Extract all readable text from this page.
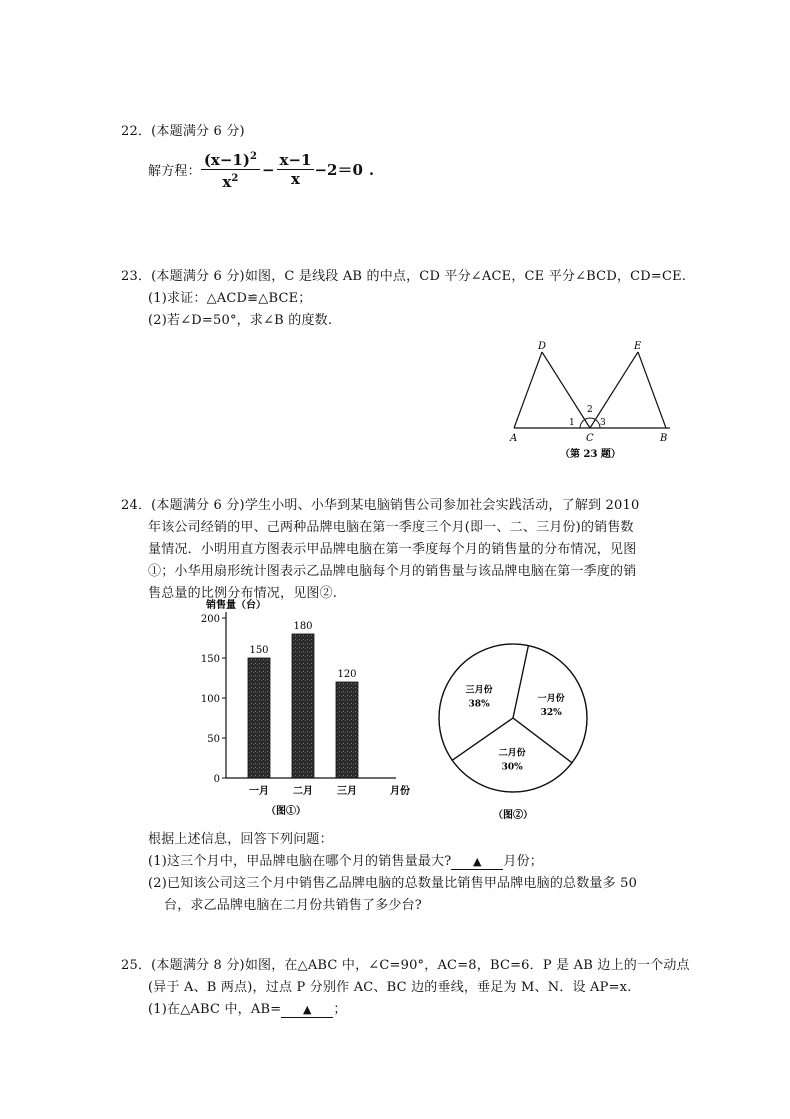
22．(本题满分 6 分)
解方程： $\frac{(x-1)^2}{x^2} - \frac{x-1}{x} -2=0$ .
23．(本题满分 6 分)如图，C 是线段 AB 的中点，CD 平分∠ACE，CE 平分∠BCD，CD=CE.
(1)求证：△ACD≌△BCE；
(2)若∠D=50°，求∠B 的度数.
A	B
C
D	E
1
2
3
（第 23 题）
24．(本题满分 6 分)学生小明、小华到某电脑销售公司参加社会实践活动，了解到 2010
年该公司经销的甲、己两种品牌电脑在第一季度三个月(即一、二、三月份)的销售数
量情况．小明用直方图表示甲品牌电脑在第一季度每个月的销售量的分布情况，见图
①；小华用扇形统计图表示乙品牌电脑每个月的销售量与该品牌电脑在第一季度的销
售总量的比例分布情况，见图②.
销售量（台）
0
50
100
150
200
150
一月
180
二月
120
三月	月份
（图①）
一月份
32%
二月份
30%
三月份
38%
（图②）
根据上述信息，回答下列问题：
(1)这三个月中，甲品牌电脑在哪个月的销售量最大? ▲ 月份；
(2)已知该公司这三个月中销售乙品牌电脑的总数量比销售甲品牌电脑的总数量多 50
台，求乙品牌电脑在二月份共销售了多少台?
25．(本题满分 8 分)如图，在△ABC 中，∠C=90°，AC=8，BC=6．P 是 AB 边上的一个动点
(异于 A、B 两点)，过点 P 分别作 AC、BC 边的垂线，垂足为 M、N．设 AP=x.
(1)在△ABC 中，AB= ▲ ；
